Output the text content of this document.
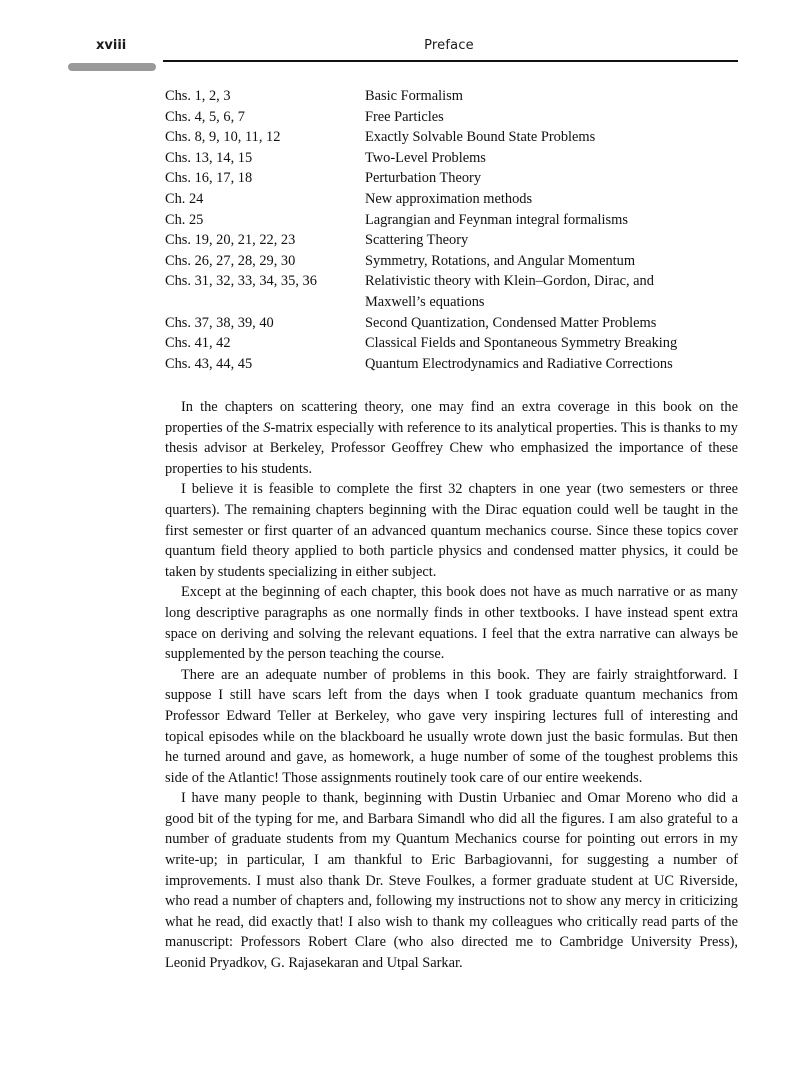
xviii	Preface
Chs. 1, 2, 3	Basic Formalism
Chs. 4, 5, 6, 7	Free Particles
Chs. 8, 9, 10, 11, 12	Exactly Solvable Bound State Problems
Chs. 13, 14, 15	Two-Level Problems
Chs. 16, 17, 18	Perturbation Theory
Ch. 24	New approximation methods
Ch. 25	Lagrangian and Feynman integral formalisms
Chs. 19, 20, 21, 22, 23	Scattering Theory
Chs. 26, 27, 28, 29, 30	Symmetry, Rotations, and Angular Momentum
Chs. 31, 32, 33, 34, 35, 36	Relativistic theory with Klein–Gordon, Dirac, and Maxwell’s equations
Chs. 37, 38, 39, 40	Second Quantization, Condensed Matter Problems
Chs. 41, 42	Classical Fields and Spontaneous Symmetry Breaking
Chs. 43, 44, 45	Quantum Electrodynamics and Radiative Corrections

In the chapters on scattering theory, one may find an extra coverage in this book on the properties of the S-matrix especially with reference to its analytical properties. This is thanks to my thesis advisor at Berkeley, Professor Geoffrey Chew who emphasized the importance of these properties to his students.

I believe it is feasible to complete the first 32 chapters in one year (two semesters or three quarters). The remaining chapters beginning with the Dirac equation could well be taught in the first semester or first quarter of an advanced quantum mechanics course. Since these topics cover quantum field theory applied to both particle physics and condensed matter physics, it could be taken by students specializing in either subject.

Except at the beginning of each chapter, this book does not have as much narrative or as many long descriptive paragraphs as one normally finds in other textbooks. I have instead spent extra space on deriving and solving the relevant equations. I feel that the extra narrative can always be supplemented by the person teaching the course.

There are an adequate number of problems in this book. They are fairly straightforward. I suppose I still have scars left from the days when I took graduate quantum mechanics from Professor Edward Teller at Berkeley, who gave very inspiring lectures full of interesting and topical episodes while on the blackboard he usually wrote down just the basic formulas. But then he turned around and gave, as homework, a huge number of some of the toughest problems this side of the Atlantic! Those assignments routinely took care of our entire weekends.

I have many people to thank, beginning with Dustin Urbaniec and Omar Moreno who did a good bit of the typing for me, and Barbara Simandl who did all the figures. I am also grateful to a number of graduate students from my Quantum Mechanics course for pointing out errors in my write-up; in particular, I am thankful to Eric Barbagiovanni, for suggesting a number of improvements. I must also thank Dr. Steve Foulkes, a former graduate student at UC Riverside, who read a number of chapters and, following my instructions not to show any mercy in criticizing what he read, did exactly that! I also wish to thank my colleagues who critically read parts of the manuscript: Professors Robert Clare (who also directed me to Cambridge University Press), Leonid Pryadkov, G. Rajasekaran and Utpal Sarkar.
